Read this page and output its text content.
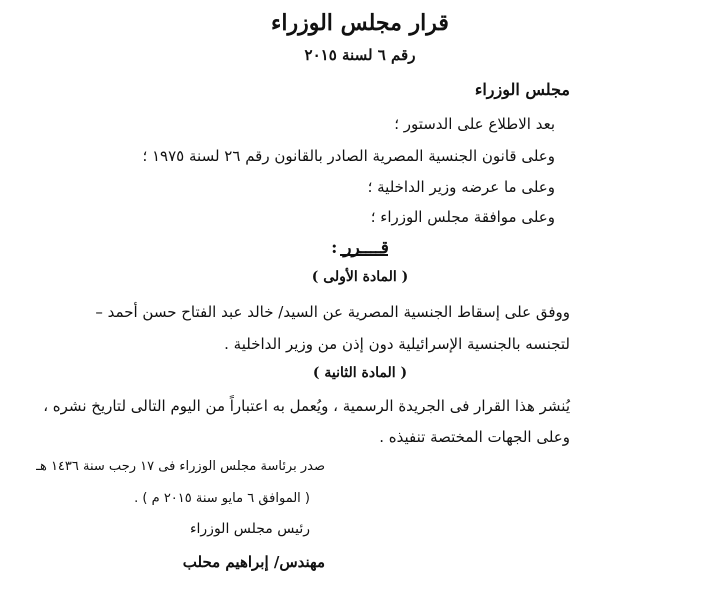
قرار مجلس الوزراء
رقم ٦ لسنة ٢٠١٥
مجلس الوزراء
بعد الاطلاع على الدستور ؛
وعلى قانون الجنسية المصرية الصادر بالقانون رقم ٢٦ لسنة ١٩٧٥ ؛
وعلى ما عرضه وزير الداخلية ؛
وعلى موافقة مجلس الوزراء ؛
قــــرر :
( المادة الأولى )
ووفق على إسقاط الجنسية المصرية عن السيد/ خالد عبد الفتاح حسن أحمد –
لتجنسه بالجنسية الإسرائيلية دون إذن من وزير الداخلية .
( المادة الثانية )
يُنشر هذا القرار فى الجريدة الرسمية ، ويُعمل به اعتباراً من اليوم التالى لتاريخ نشره ،
وعلى الجهات المختصة تنفيذه .
صدر برئاسة مجلس الوزراء فى ١٧ رجب سنة ١٤٣٦ هـ
( الموافق ٦ مايو سنة ٢٠١٥ م ) .
رئيس مجلس الوزراء
مهندس/ إبراهيم محلب
